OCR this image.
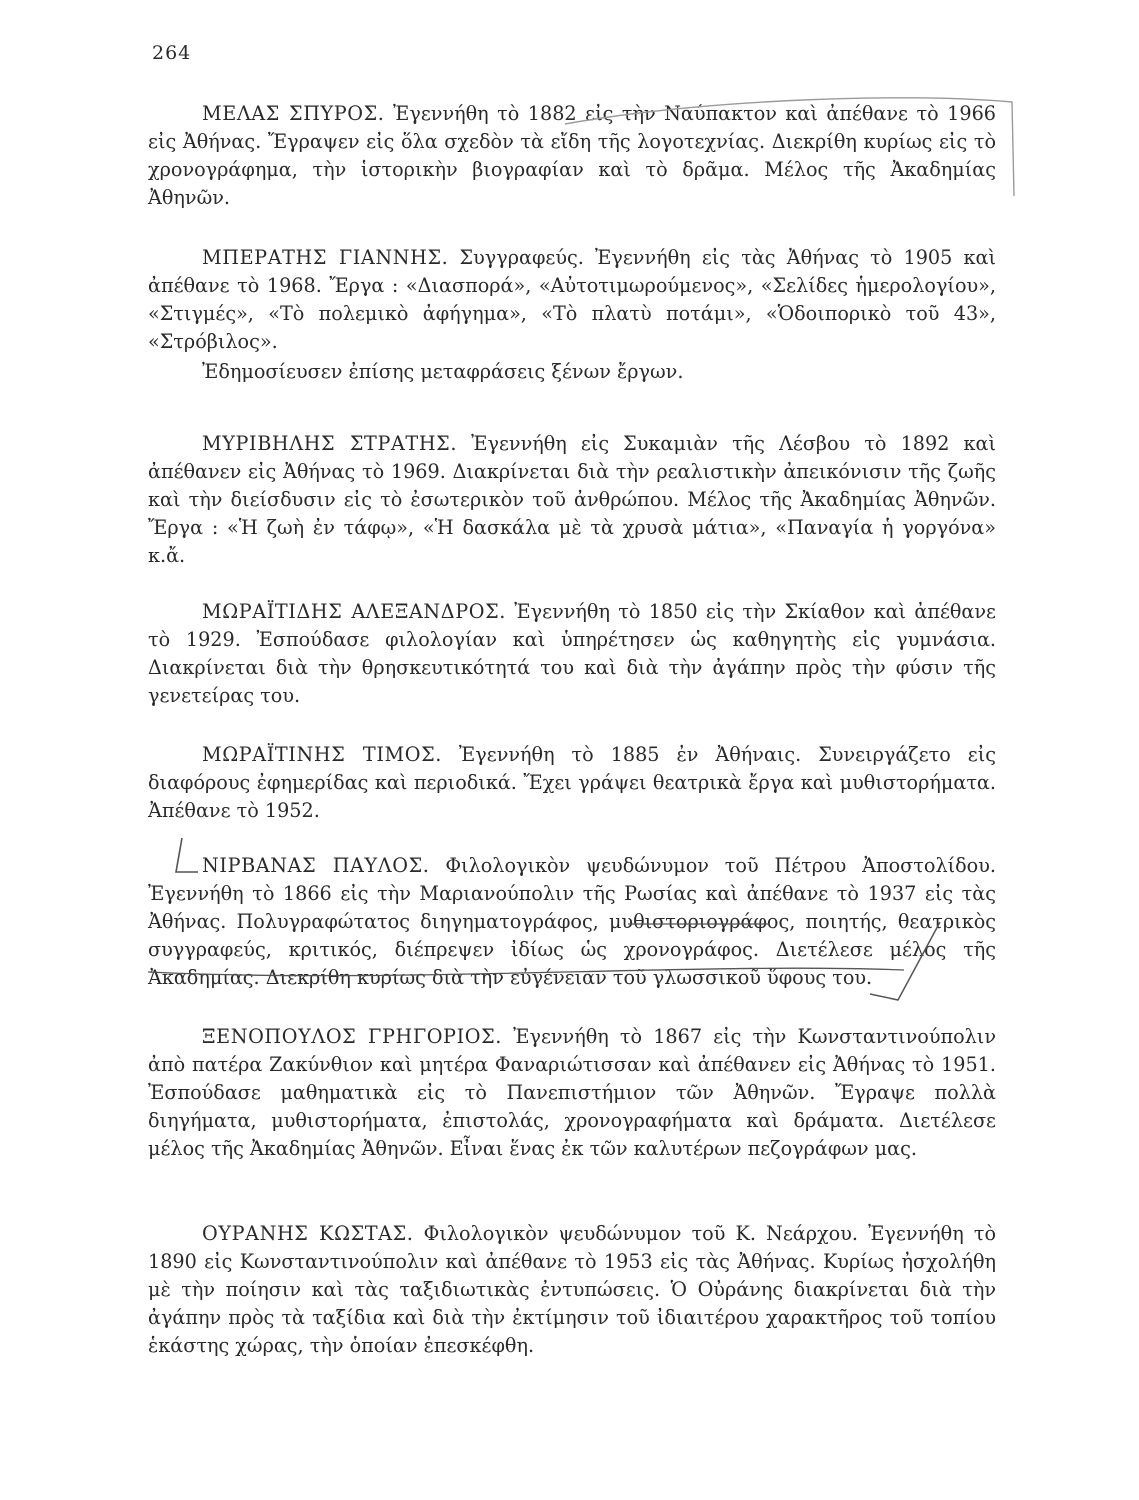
264

ΜΕΛΑΣ ΣΠΥΡΟΣ. Ἐγεννήθη τὸ 1882 εἰς τὴν Ναύπακτον καὶ ἀπέθανε τὸ 1966 εἰς Ἀθήνας. Ἔγραψεν εἰς ὅλα σχεδὸν τὰ εἴδη τῆς λογοτεχνίας. Διεκρίθη κυρίως εἰς τὸ χρονογράφημα, τὴν ἱστορικὴν βιογραφίαν καὶ τὸ δρᾶμα. Μέλος τῆς Ἀκαδημίας Ἀθηνῶν.

ΜΠΕΡΑΤΗΣ ΓΙΑΝΝΗΣ. Συγγραφεύς. Ἐγεννήθη εἰς τὰς Ἀθήνας τὸ 1905 καὶ ἀπέθανε τὸ 1968. Ἔργα : «Διασπορά», «Αὐτοτιμωρούμενος», «Σελίδες ἡμερολογίου», «Στιγμές», «Τὸ πολεμικὸ ἀφήγημα», «Τὸ πλατὺ ποτάμι», «Ὁδοιπορικὸ τοῦ 43», «Στρόβιλος».

Ἐδημοσίευσεν ἐπίσης μεταφράσεις ξένων ἔργων.

ΜΥΡΙΒΗΛΗΣ ΣΤΡΑΤΗΣ. Ἐγεννήθη εἰς Συκαμιὰν τῆς Λέσβου τὸ 1892 καὶ ἀπέθανεν εἰς Ἀθήνας τὸ 1969. Διακρίνεται διὰ τὴν ρεαλιστικὴν ἀπεικόνισιν τῆς ζωῆς καὶ τὴν διείσδυσιν εἰς τὸ ἐσωτερικὸν τοῦ ἀνθρώπου. Μέλος τῆς Ἀκαδημίας Ἀθηνῶν. Ἔργα : «Ἡ ζωὴ ἐν τάφῳ», «Ἡ δασκάλα μὲ τὰ χρυσὰ μάτια», «Παναγία ἡ γοργόνα» κ.ἄ.

ΜΩΡΑΪΤΙΔΗΣ ΑΛΕΞΑΝΔΡΟΣ. Ἐγεννήθη τὸ 1850 εἰς τὴν Σκίαθον καὶ ἀπέθανε τὸ 1929. Ἐσπούδασε φιλολογίαν καὶ ὑπηρέτησεν ὡς καθηγητὴς εἰς γυμνάσια. Διακρίνεται διὰ τὴν θρησκευτικότητά του καὶ διὰ τὴν ἀγάπην πρὸς τὴν φύσιν τῆς γενετείρας του.

ΜΩΡΑΪΤΙΝΗΣ ΤΙΜΟΣ. Ἐγεννήθη τὸ 1885 ἐν Ἀθήναις. Συνειργάζετο εἰς διαφόρους ἐφημερίδας καὶ περιοδικά. Ἔχει γράψει θεατρικὰ ἔργα καὶ μυθιστορήματα. Ἀπέθανε τὸ 1952.

ΝΙΡΒΑΝΑΣ ΠΑΥΛΟΣ. Φιλολογικὸν ψευδώνυμον τοῦ Πέτρου Ἀποστολίδου. Ἐγεννήθη τὸ 1866 εἰς τὴν Μαριανούπολιν τῆς Ρωσίας καὶ ἀπέθανε τὸ 1937 εἰς τὰς Ἀθήνας. Πολυγραφώτατος διηγηματογράφος, μυθιστοριογράφος, ποιητής, θεατρικὸς συγγραφεύς, κριτικός, διέπρεψεν ἰδίως ὡς χρονογράφος. Διετέλεσε μέλος τῆς Ἀκαδημίας. Διεκρίθη κυρίως διὰ τὴν εὐγένειαν τοῦ γλωσσικοῦ ὕφους του.

ΞΕΝΟΠΟΥΛΟΣ ΓΡΗΓΟΡΙΟΣ. Ἐγεννήθη τὸ 1867 εἰς τὴν Κωνσταντινούπολιν ἀπὸ πατέρα Ζακύνθιον καὶ μητέρα Φαναριώτισσαν καὶ ἀπέθανεν εἰς Ἀθήνας τὸ 1951. Ἐσπούδασε μαθηματικὰ εἰς τὸ Πανεπιστήμιον τῶν Ἀθηνῶν. Ἔγραψε πολλὰ διηγήματα, μυθιστορήματα, ἐπιστολάς, χρονογραφήματα καὶ δράματα. Διετέλεσε μέλος τῆς Ἀκαδημίας Ἀθηνῶν. Εἶναι ἕνας ἐκ τῶν καλυτέρων πεζογράφων μας.

ΟΥΡΑΝΗΣ ΚΩΣΤΑΣ. Φιλολογικὸν ψευδώνυμον τοῦ Κ. Νεάρχου. Ἐγεννήθη τὸ 1890 εἰς Κωνσταντινούπολιν καὶ ἀπέθανε τὸ 1953 εἰς τὰς Ἀθήνας. Κυρίως ἠσχολήθη μὲ τὴν ποίησιν καὶ τὰς ταξιδιωτικὰς ἐντυπώσεις. Ὁ Οὐράνης διακρίνεται διὰ τὴν ἀγάπην πρὸς τὰ ταξίδια καὶ διὰ τὴν ἐκτίμησιν τοῦ ἰδιαιτέρου χαρακτῆρος τοῦ τοπίου ἑκάστης χώρας, τὴν ὁποίαν ἐπεσκέφθη.
